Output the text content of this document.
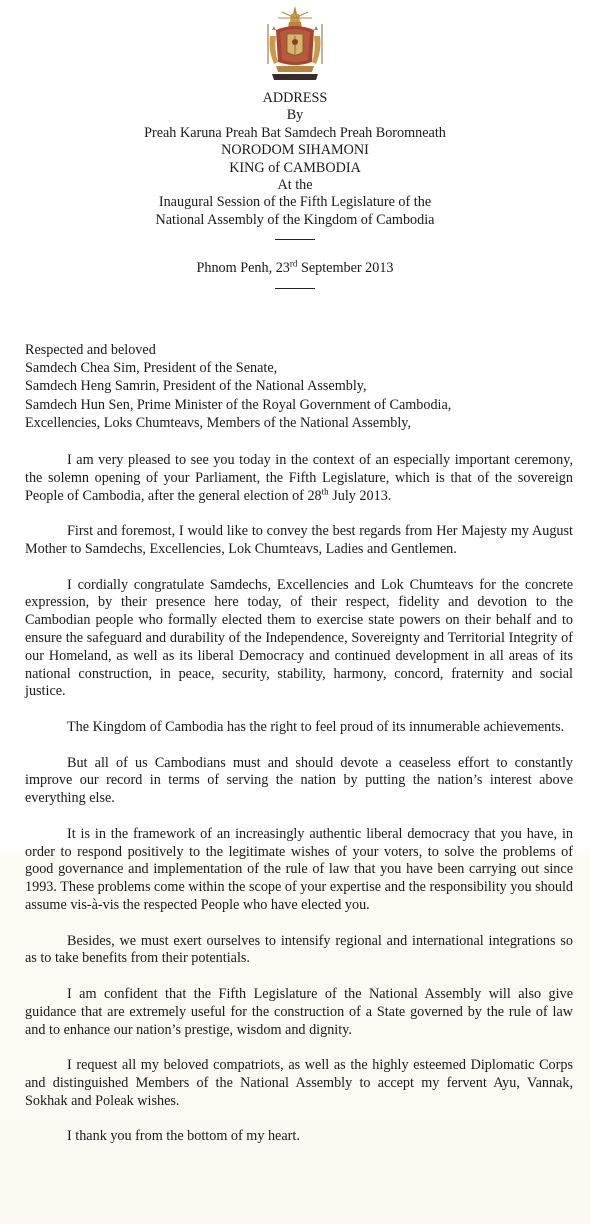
ADDRESS
By
Preah Karuna Preah Bat Samdech Preah Boromneath
NORODOM SIHAMONI
KING of CAMBODIA
At the
Inaugural Session of the Fifth Legislature of the
National Assembly of the Kingdom of Cambodia
Phnom Penh, 23rd September 2013
Respected and beloved
Samdech Chea Sim, President of the Senate,
Samdech Heng Samrin, President of the National Assembly,
Samdech Hun Sen, Prime Minister of the Royal Government of Cambodia,
Excellencies, Loks Chumteavs, Members of the National Assembly,

I am very pleased to see you today in the context of an especially important ceremony, the solemn opening of your Parliament, the Fifth Legislature, which is that of the sovereign People of Cambodia, after the general election of 28th July 2013.

First and foremost, I would like to convey the best regards from Her Majesty my August Mother to Samdechs, Excellencies, Lok Chumteavs, Ladies and Gentlemen.

I cordially congratulate Samdechs, Excellencies and Lok Chumteavs for the concrete expression, by their presence here today, of their respect, fidelity and devotion to the Cambodian people who formally elected them to exercise state powers on their behalf and to ensure the safeguard and durability of the Independence, Sovereignty and Territorial Integrity of our Homeland, as well as its liberal Democracy and continued development in all areas of its national construction, in peace, security, stability, harmony, concord, fraternity and social justice.

The Kingdom of Cambodia has the right to feel proud of its innumerable achievements.

But all of us Cambodians must and should devote a ceaseless effort to constantly improve our record in terms of serving the nation by putting the nation’s interest above everything else.

It is in the framework of an increasingly authentic liberal democracy that you have, in order to respond positively to the legitimate wishes of your voters, to solve the problems of good governance and implementation of the rule of law that you have been carrying out since 1993. These problems come within the scope of your expertise and the responsibility you should assume vis-à-vis the respected People who have elected you.

Besides, we must exert ourselves to intensify regional and international integrations so as to take benefits from their potentials.

I am confident that the Fifth Legislature of the National Assembly will also give guidance that are extremely useful for the construction of a State governed by the rule of law and to enhance our nation’s prestige, wisdom and dignity.

I request all my beloved compatriots, as well as the highly esteemed Diplomatic Corps and distinguished Members of the National Assembly to accept my fervent Ayu, Vannak, Sokhak and Poleak wishes.

I thank you from the bottom of my heart.
